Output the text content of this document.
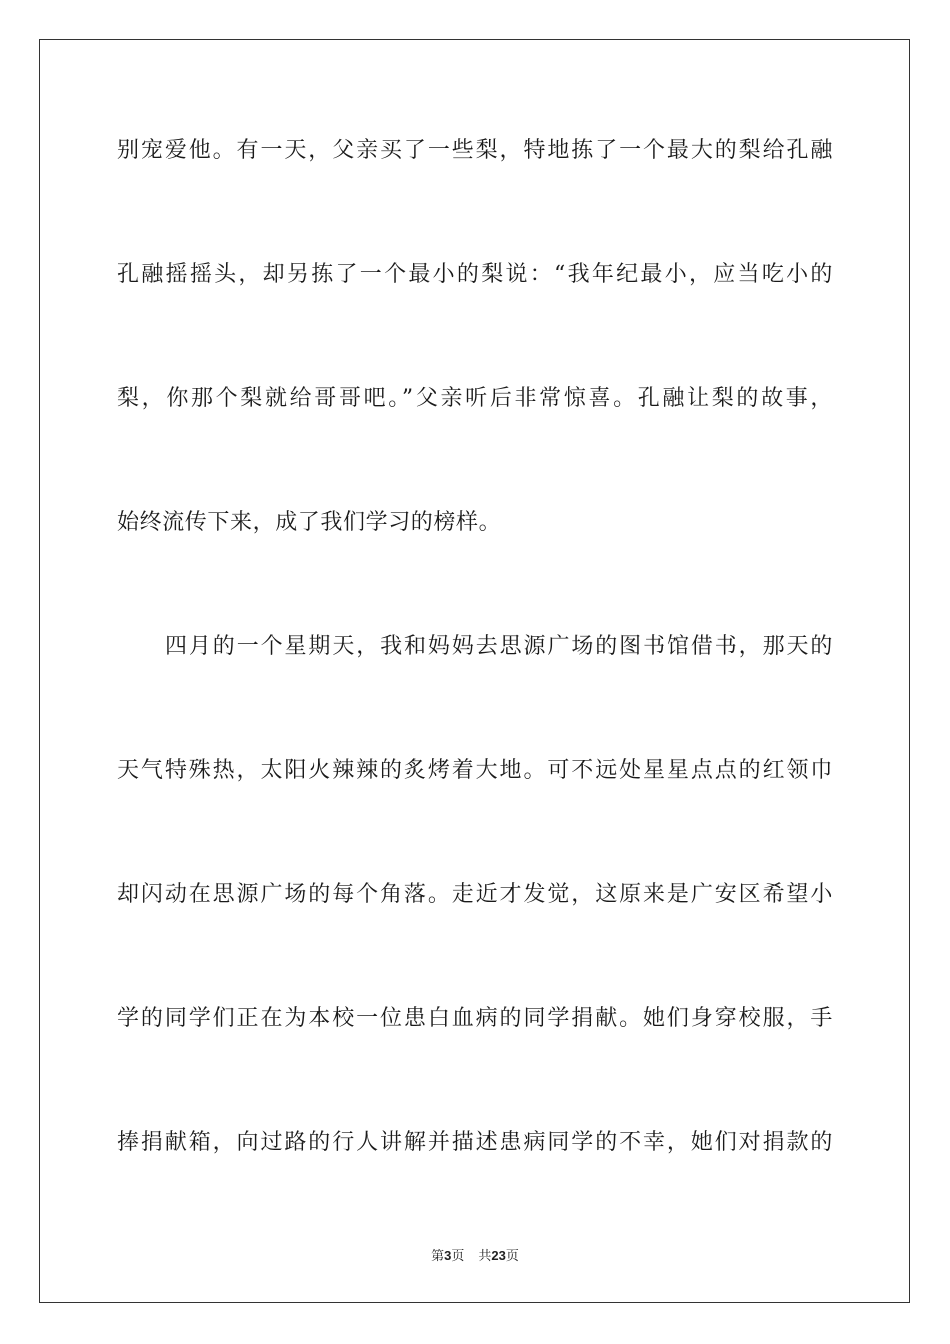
别宠爱他。有一天，父亲买了一些梨，特地拣了一个最大的梨给孔融
孔融摇摇头，却另拣了一个最小的梨说：“我年纪最小，应当吃小的
梨，你那个梨就给哥哥吧。”父亲听后非常惊喜。孔融让梨的故事，
始终流传下来，成了我们学习的榜样。
四月的一个星期天，我和妈妈去思源广场的图书馆借书，那天的
天气特殊热，太阳火辣辣的炙烤着大地。可不远处星星点点的红领巾
却闪动在思源广场的每个角落。走近才发觉，这原来是广安区希望小
学的同学们正在为本校一位患白血病的同学捐献。她们身穿校服，手
捧捐献箱，向过路的行人讲解并描述患病同学的不幸，她们对捐款的
第3页 共23页
